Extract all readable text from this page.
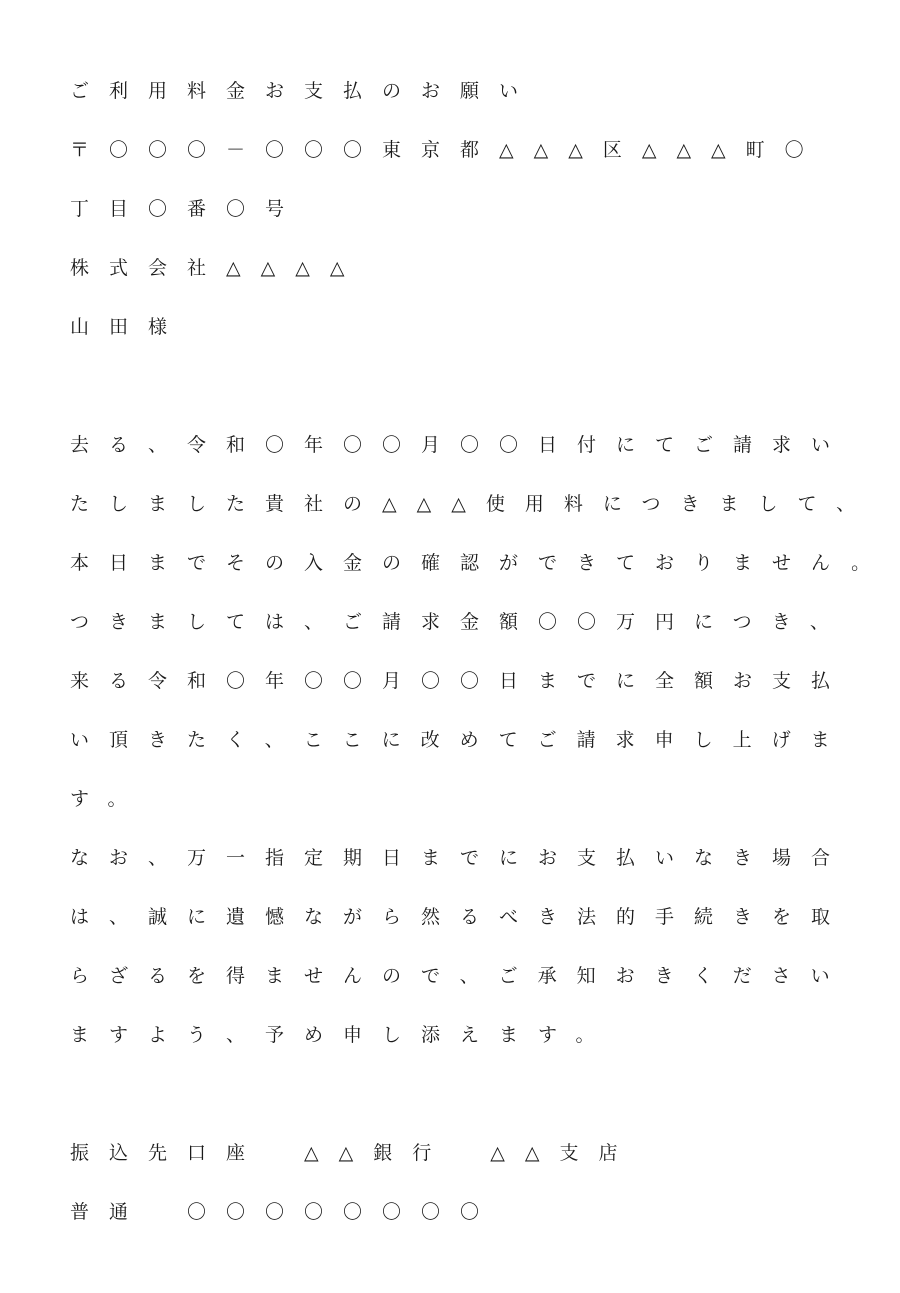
ご利用料金お支払のお願い
〒〇〇〇－〇〇〇東京都△△△区△△△町〇
丁目〇番〇号
株式会社△△△△
山田様
去る、令和〇年〇〇月〇〇日付にてご請求い
たしました貴社の△△△使用料につきまして、
本日までその入金の確認ができておりません。
つきましては、ご請求金額〇〇万円につき、
来る令和〇年〇〇月〇〇日までに全額お支払
い頂きたく、ここに改めてご請求申し上げま
す。
なお、万一指定期日までにお支払いなき場合
は、誠に遺憾ながら然るべき法的手続きを取
らざるを得ませんので、ご承知おきください
ますよう、予め申し添えます。
振込先口座　△△銀行　△△支店
普通　〇〇〇〇〇〇〇〇
